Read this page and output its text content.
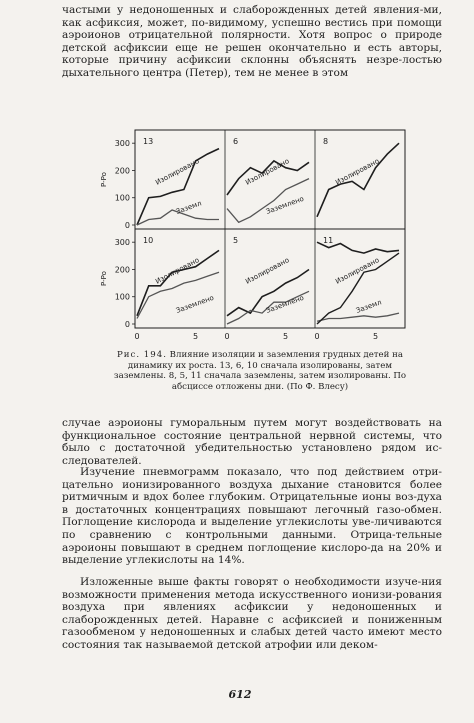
частыми у недоношенных и слаборожденных детей явления-ми, как асфиксия, может, по-видимому, успешно вестись при помощи аэроионов отрицательной полярности. Хотя вопрос о природе детской асфиксии еще не решен окончательно и есть авторы, которые причину асфиксии склонны объяснять незре-лостью дыхательного центра (Петер), тем не менее в этом

0
100
200
300
P-Po
0
100
200
300
P-Po
0	5	0	5	0	5
13
Изолировано
Заземл
6
Изолировано
Заземлено
8
Изолировано
10
Изолировано
Заземлено
5
Изолировано
Заземлено
11
Изолировано
Заземл
Рис. 194. Влияние изоляции и заземления грудных детей на динамику их роста. 13, 6, 10 сначала изолированы, затем заземлены. 8, 5, 11 сначала заземлены, затем изолированы. По абсциссе отложены дни. (По Ф. Влесу)

случае аэроионы гуморальным путем могут воздействовать на функциональное состояние центральной нервной системы, что было с достаточной убедительностью установлено рядом ис-следователей.

Изучение пневмограмм показало, что под действием отри-цательно ионизированного воздуха дыхание становится более ритмичным и вдох более глубоким. Отрицательные ионы воз-духа в достаточных концентрациях повышают легочный газо-обмен. Поглощение кислорода и выделение углекислоты уве-личиваются по сравнению с контрольными данными. Отрица-тельные аэроионы повышают в среднем поглощение кислоро-да на 20% и выделение углекислоты на 14%.

Изложенные выше факты говорят о необходимости изуче-ния возможности применения метода искусственного ионизи-рования воздуха при явлениях асфиксии у недоношенных и слаборожденных детей. Наравне с асфиксией и пониженным газообменом у недоношенных и слабых детей часто имеют место состояния так называемой детской атрофии или деком-

612
